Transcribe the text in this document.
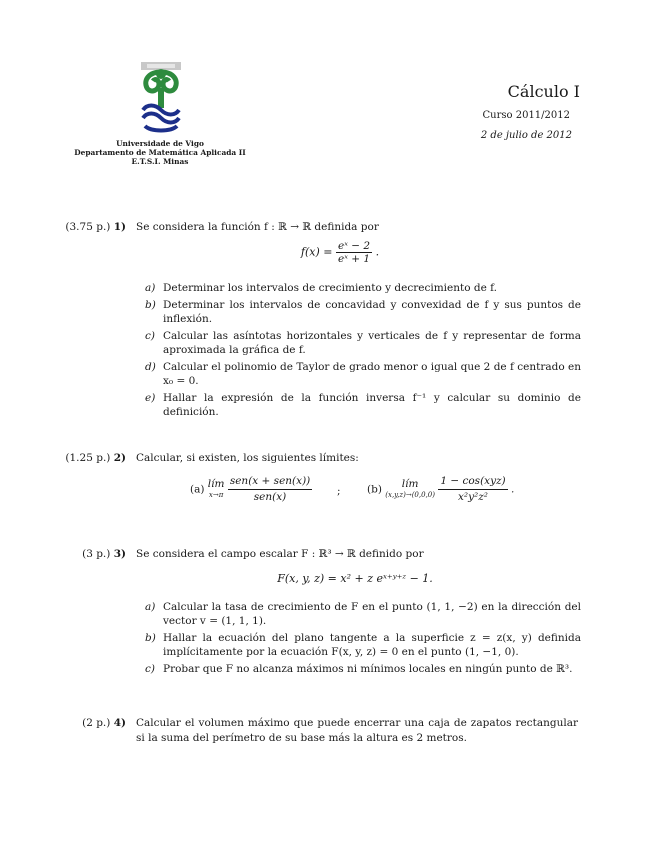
Universidade de Vigo
Departamento de Matemática Aplicada II
E.T.S.I. Minas
Cálculo I
Curso 2011/2012
2 de julio de 2012
(3.75 p.) 1) Se considera la función f : ℝ → ℝ definida por
$f(x) = \frac{\text{eˣ − 2}}{\text{eˣ + 1}}$ .
a) Determinar los intervalos de crecimiento y decrecimiento de f.
b) Determinar los intervalos de concavidad y convexidad de f y sus puntos de inflexión.
c) Calcular las asíntotas horizontales y verticales de f y representar de forma aproximada la gráfica de f.
d) Calcular el polinomio de Taylor de grado menor o igual que 2 de f centrado en x₀ = 0.
e) Hallar la expresión de la función inversa f⁻¹ y calcular su dominio de definición.
(1.25 p.) 2) Calcular, si existen, los siguientes límites:
(a) lím
$x\to\pi \frac{\text{sen(x + sen(x))}}{\text{sen(x)}}$ ;	(b) lím
$(x,y,z)\to(0,0,0) \frac{\text{1 − cos(xyz)}}{\text{x²y²z²}}$ .
(3 p.) 3) Se considera el campo escalar F : ℝ³ → ℝ definido por
F(x, y, z) = x² + z eˣ⁺ʸ⁺ᶻ − 1.
a) Calcular la tasa de crecimiento de F en el punto (1, 1, −2) en la dirección del vector v = (1, 1, 1).
b) Hallar la ecuación del plano tangente a la superficie z = z(x, y) definida implícitamente por la ecuación F(x, y, z) = 0 en el punto (1, −1, 0).
c) Probar que F no alcanza máximos ni mínimos locales en ningún punto de ℝ³.
(2 p.) 4) Calcular el volumen máximo que puede encerrar una caja de zapatos rectangular si la suma del perímetro de su base más la altura es 2 metros.
